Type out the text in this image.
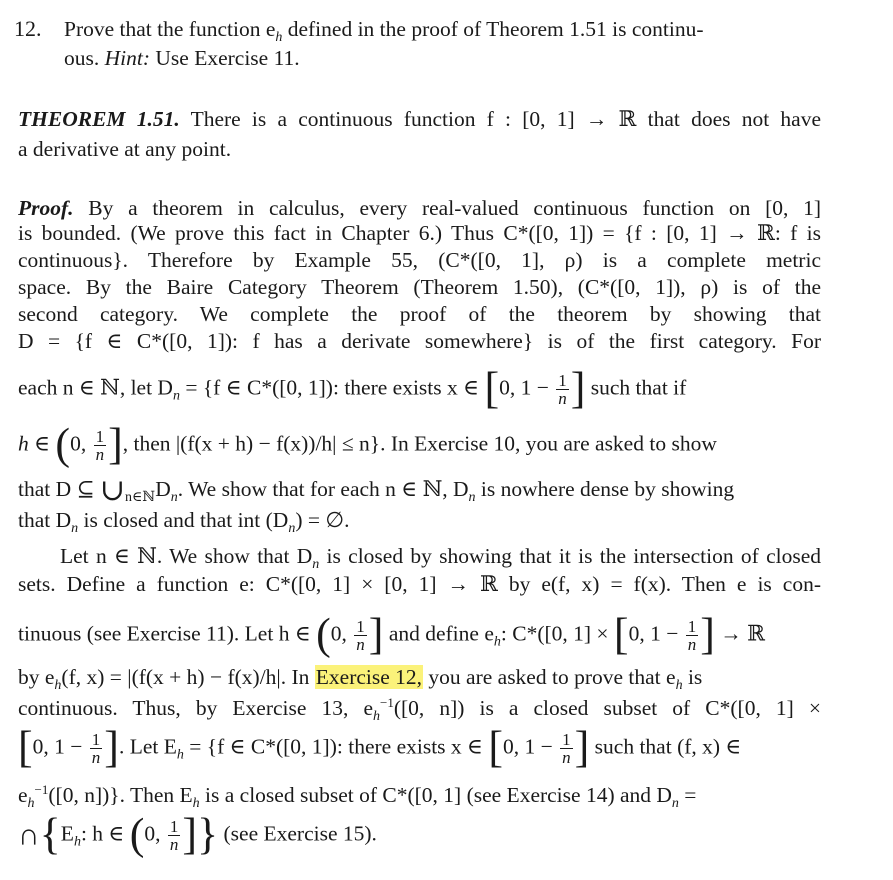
12. Prove that the function $e_h$ defined in the proof of Theorem 1.51 is continu-
ous. Hint: Use Exercise 11.
THEOREM 1.51. There is a continuous function f : [0, 1] → ℝ that does not have
a derivative at any point.
Proof. By a theorem in calculus, every real-valued continuous function on [0, 1]
is bounded. (We prove this fact in Chapter 6.) Thus C*([0, 1]) = {f : [0, 1] → ℝ: f is
continuous}. Therefore by Example 55, (C*([0, 1], ρ) is a complete metric
space. By the Baire Category Theorem (Theorem 1.50), (C*([0, 1]), ρ) is of the
second category. We complete the proof of the theorem by showing that
D = {f ∈ C*([0, 1]): f has a derivate somewhere} is of the first category. For
each n ∈ ℕ, let $D_n = \{f$ ∈ C*([0, 1]): there exists x ∈ [0, $1 - \frac{1}{n}$ ] such that if
h ∈ (0, $\frac{1}{n}$ ], then |(f(x + h) − f(x))/h| ≤ n}. In Exercise 10, you are asked to show
that D ⊆ $\cup_{n\in ℕ}D_n$. We show that for each n ∈ ℕ, $D_n$ is nowhere dense by showing
that $D_n$ is closed and that int $(D_n)$ = ∅.
Let n ∈ ℕ. We show that $D_n$ is closed by showing that it is the intersection of closed
sets. Define a function e: C*([0, 1] × [0, 1] → ℝ by e(f, x) = f(x). Then e is con-
tinuous (see Exercise 11). Let h ∈ (0, $\frac{1}{n}$ ] and define $e_h$: C*([0, 1] × [0, $1 - \frac{1}{n}$ ] → ℝ
by $e_h(f$, x) = |(f(x + h) − f(x)/h|. In Exercise 12, you are asked to prove that $e_h$ is
continuous. Thus, by Exercise 13, $e_h^{-1}([0$, n]) is a closed subset of C*([0, 1] ×
[0, $1 - \frac{1}{n}$ ]. Let $E_h = \{f$ ∈ C*([0, 1]): there exists x ∈ [0, $1 - \frac{1}{n}$ ] such that (f, x) ∈
$e_h^{-1}([0$, n])}. Then $E_h$ is a closed subset of C*([0, 1] (see Exercise 14) and $D_n$ =
$\cap\{E_h$: h ∈ (0, $\frac{1}{n}$ ]} (see Exercise 15).
